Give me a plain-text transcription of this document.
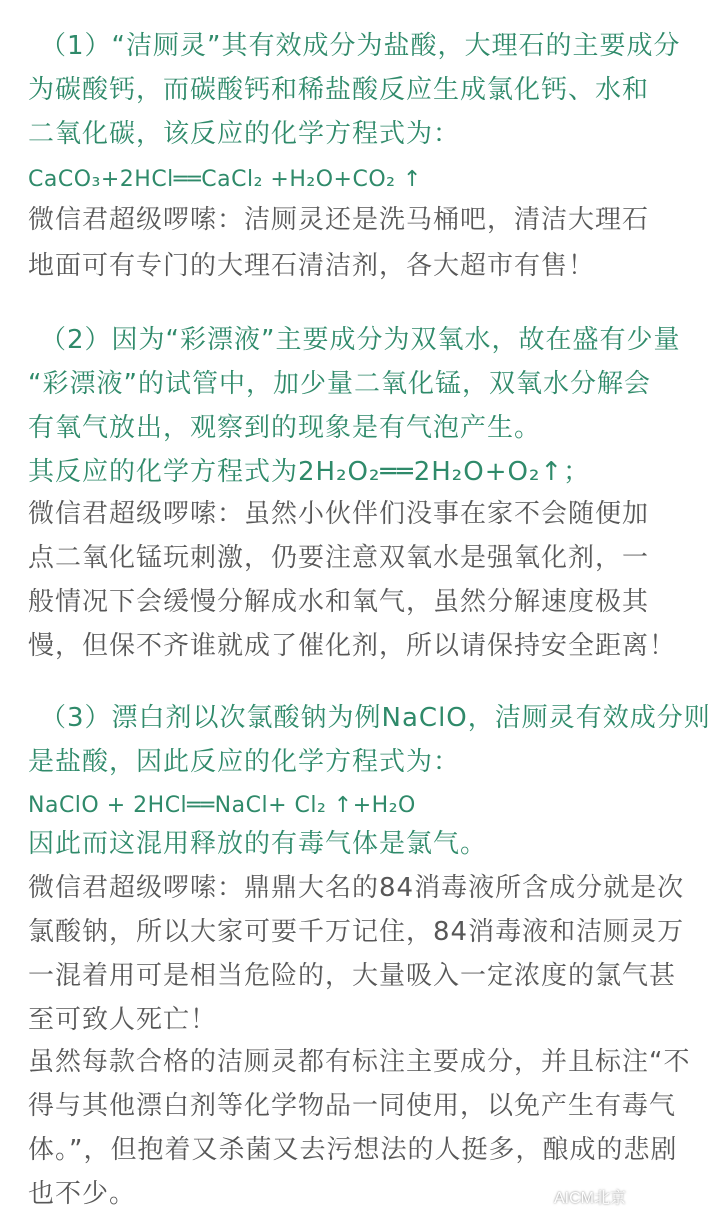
（1）“洁厕灵”其有效成分为盐酸，大理石的主要成分
为碳酸钙，而碳酸钙和稀盐酸反应生成氯化钙、水和
二氧化碳，该反应的化学方程式为：
CaCO₃+2HCl══CaCl₂ +H₂O+CO₂ ↑
微信君超级啰嗦：洁厕灵还是洗马桶吧，清洁大理石
地面可有专门的大理石清洁剂，各大超市有售！
（2）因为“彩漂液”主要成分为双氧水，故在盛有少量
“彩漂液”的试管中，加少量二氧化锰，双氧水分解会
有氧气放出，观察到的现象是有气泡产生。
其反应的化学方程式为2H₂O₂══2H₂O+O₂↑；
微信君超级啰嗦：虽然小伙伴们没事在家不会随便加
点二氧化锰玩刺激，仍要注意双氧水是强氧化剂，一
般情况下会缓慢分解成水和氧气，虽然分解速度极其
慢，但保不齐谁就成了催化剂，所以请保持安全距离！
（3）漂白剂以次氯酸钠为例NaClO，洁厕灵有效成分则
是盐酸，因此反应的化学方程式为：
NaClO + 2HCl══NaCl+ Cl₂ ↑+H₂O
因此而这混用释放的有毒气体是氯气。
微信君超级啰嗦：鼎鼎大名的84消毒液所含成分就是次
氯酸钠，所以大家可要千万记住，84消毒液和洁厕灵万
一混着用可是相当危险的，大量吸入一定浓度的氯气甚
至可致人死亡！
虽然每款合格的洁厕灵都有标注主要成分，并且标注“不
得与其他漂白剂等化学物品一同使用，以免产生有毒气
体。”，但抱着又杀菌又去污想法的人挺多，酿成的悲剧
也不少。	AICM北京
